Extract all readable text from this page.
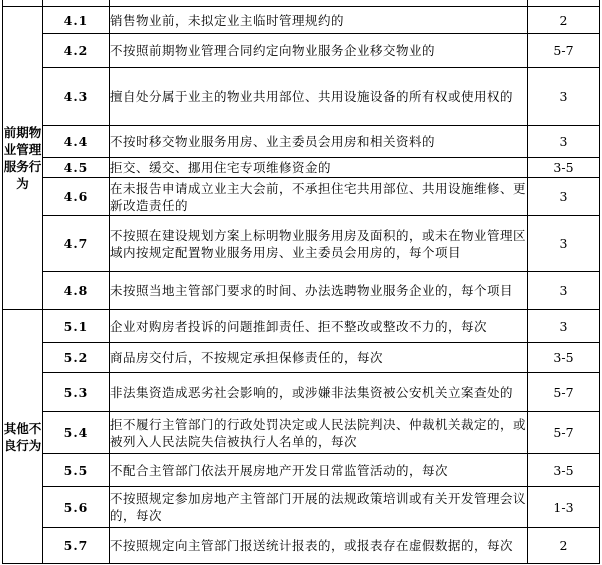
前期物业管理服务行为	4.1	销售物业前，未拟定业主临时管理规约的	2
	4.2	不按照前期物业管理合同约定向物业服务企业移交物业的	5-7
	4.3	擅自处分属于业主的物业共用部位、共用设施设备的所有权或使用权的	3
	4.4	不按时移交物业服务用房、业主委员会用房和相关资料的	3
	4.5	拒交、缓交、挪用住宅专项维修资金的	3-5
	4.6	在未报告申请成立业主大会前，不承担住宅共用部位、共用设施维修、更新改造责任的	3
	4.7	不按照在建设规划方案上标明物业服务用房及面积的，或未在物业管理区域内按规定配置物业服务用房、业主委员会用房的，每个项目	3
	4.8	未按照当地主管部门要求的时间、办法选聘物业服务企业的，每个项目	3
其他不良行为	5.1	企业对购房者投诉的问题推卸责任、拒不整改或整改不力的，每次	3
	5.2	商品房交付后，不按规定承担保修责任的，每次	3-5
	5.3	非法集资造成恶劣社会影响的，或涉嫌非法集资被公安机关立案查处的	5-7
	5.4	拒不履行主管部门的行政处罚决定或人民法院判决、仲裁机关裁定的，或被列入人民法院失信被执行人名单的，每次	5-7
	5.5	不配合主管部门依法开展房地产开发日常监管活动的，每次	3-5
	5.6	不按照规定参加房地产主管部门开展的法规政策培训或有关开发管理会议的，每次	1-3
	5.7	不按照规定向主管部门报送统计报表的，或报表存在虚假数据的，每次	2
